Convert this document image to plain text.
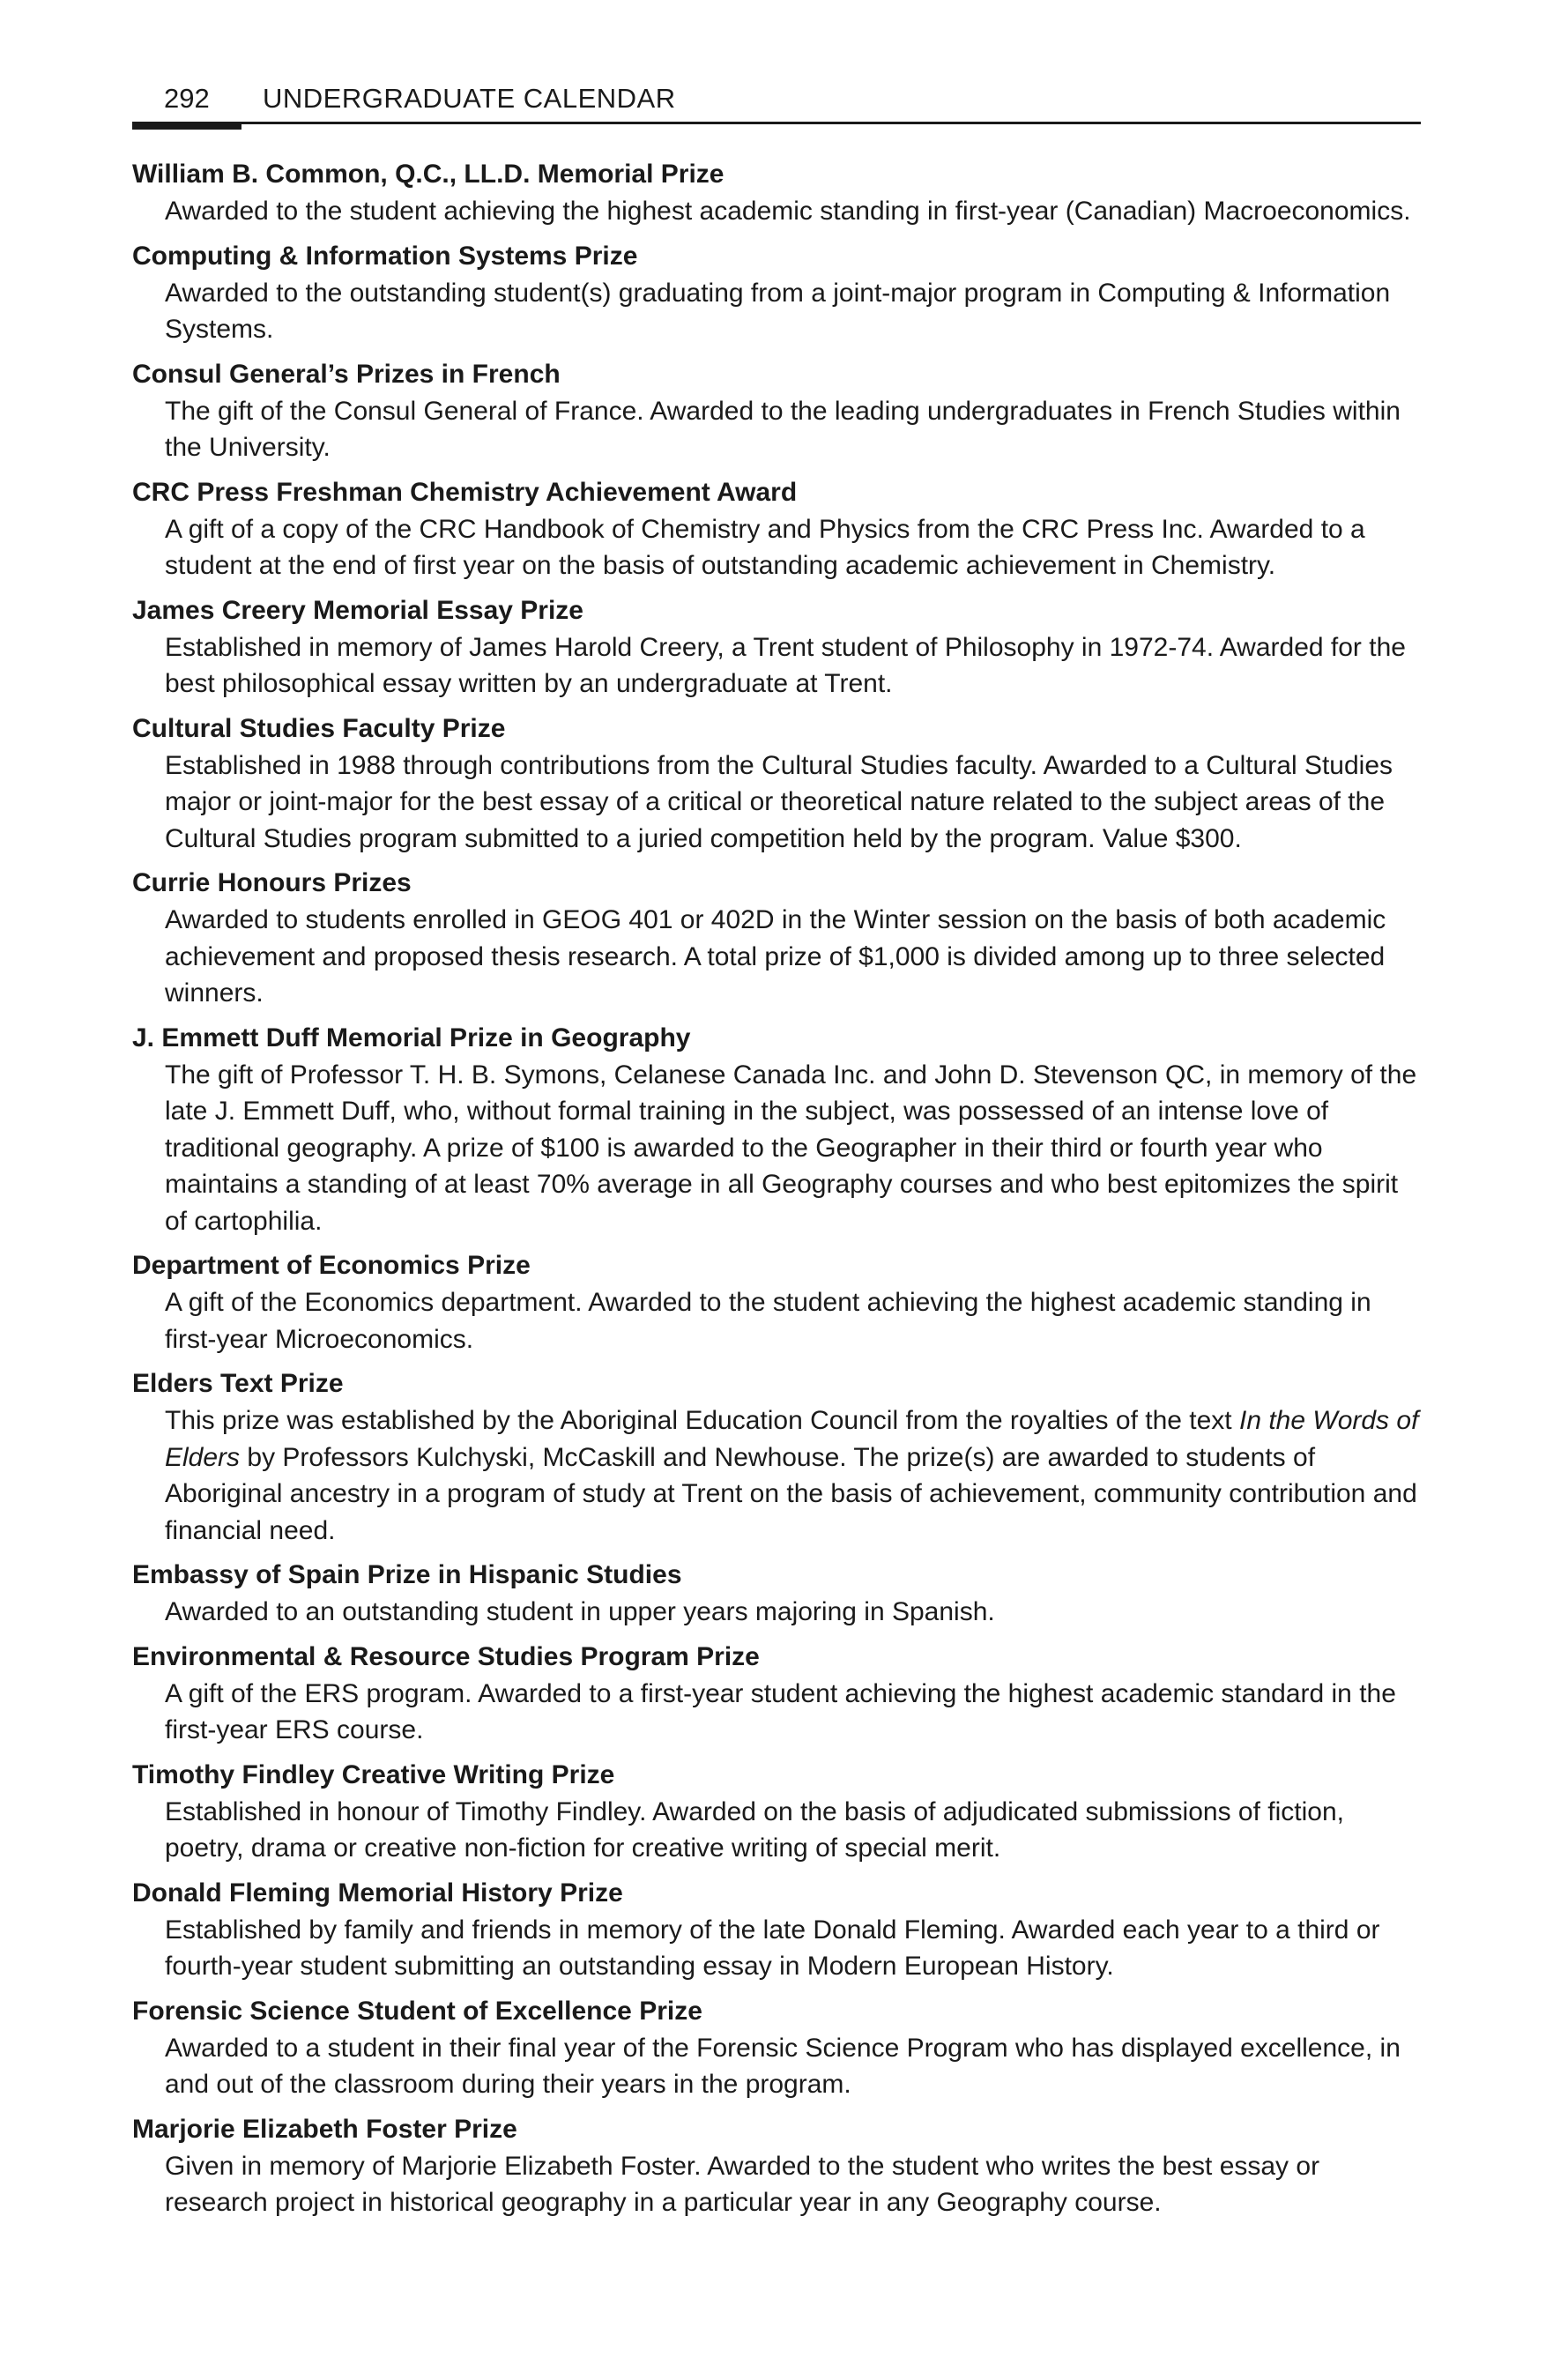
292 UNDERGRADUATE CALENDAR

William B. Common, Q.C., LL.D. Memorial Prize

Awarded to the student achieving the highest academic standing in first-year (Canadian) Macroeconomics.

Computing & Information Systems Prize

Awarded to the outstanding student(s) graduating from a joint-major program in Computing & Information Systems.

Consul General’s Prizes in French

The gift of the Consul General of France. Awarded to the leading undergraduates in French Studies within the University.

CRC Press Freshman Chemistry Achievement Award

A gift of a copy of the CRC Handbook of Chemistry and Physics from the CRC Press Inc. Awarded to a student at the end of first year on the basis of outstanding academic achievement in Chemistry.

James Creery Memorial Essay Prize

Established in memory of James Harold Creery, a Trent student of Philosophy in 1972-74. Awarded for the best philosophical essay written by an undergraduate at Trent.

Cultural Studies Faculty Prize

Established in 1988 through contributions from the Cultural Studies faculty. Awarded to a Cultural Studies major or joint-major for the best essay of a critical or theoretical nature related to the subject areas of the Cultural Studies program submitted to a juried competition held by the program. Value $300.

Currie Honours Prizes

Awarded to students enrolled in GEOG 401 or 402D in the Winter session on the basis of both academic achievement and proposed thesis research. A total prize of $1,000 is divided among up to three selected winners.

J. Emmett Duff Memorial Prize in Geography

The gift of Professor T. H. B. Symons, Celanese Canada Inc. and John D. Stevenson QC, in memory of the late J. Emmett Duff, who, without formal training in the subject, was possessed of an intense love of traditional geography. A prize of $100 is awarded to the Geographer in their third or fourth year who maintains a standing of at least 70% average in all Geography courses and who best epitomizes the spirit of cartophilia.

Department of Economics Prize

A gift of the Economics department. Awarded to the student achieving the highest academic standing in first-year Microeconomics.

Elders Text Prize

This prize was established by the Aboriginal Education Council from the royalties of the text In the Words of Elders by Professors Kulchyski, McCaskill and Newhouse. The prize(s) are awarded to students of Aboriginal ancestry in a program of study at Trent on the basis of achievement, community contribution and financial need.

Embassy of Spain Prize in Hispanic Studies

Awarded to an outstanding student in upper years majoring in Spanish.

Environmental & Resource Studies Program Prize

A gift of the ERS program. Awarded to a first-year student achieving the highest academic standard in the first-year ERS course.

Timothy Findley Creative Writing Prize

Established in honour of Timothy Findley. Awarded on the basis of adjudicated submissions of fiction, poetry, drama or creative non-fiction for creative writing of special merit.

Donald Fleming Memorial History Prize

Established by family and friends in memory of the late Donald Fleming. Awarded each year to a third or fourth-year student submitting an outstanding essay in Modern European History.

Forensic Science Student of Excellence Prize

Awarded to a student in their final year of the Forensic Science Program who has displayed excellence, in and out of the classroom during their years in the program.

Marjorie Elizabeth Foster Prize

Given in memory of Marjorie Elizabeth Foster. Awarded to the student who writes the best essay or research project in historical geography in a particular year in any Geography course.
